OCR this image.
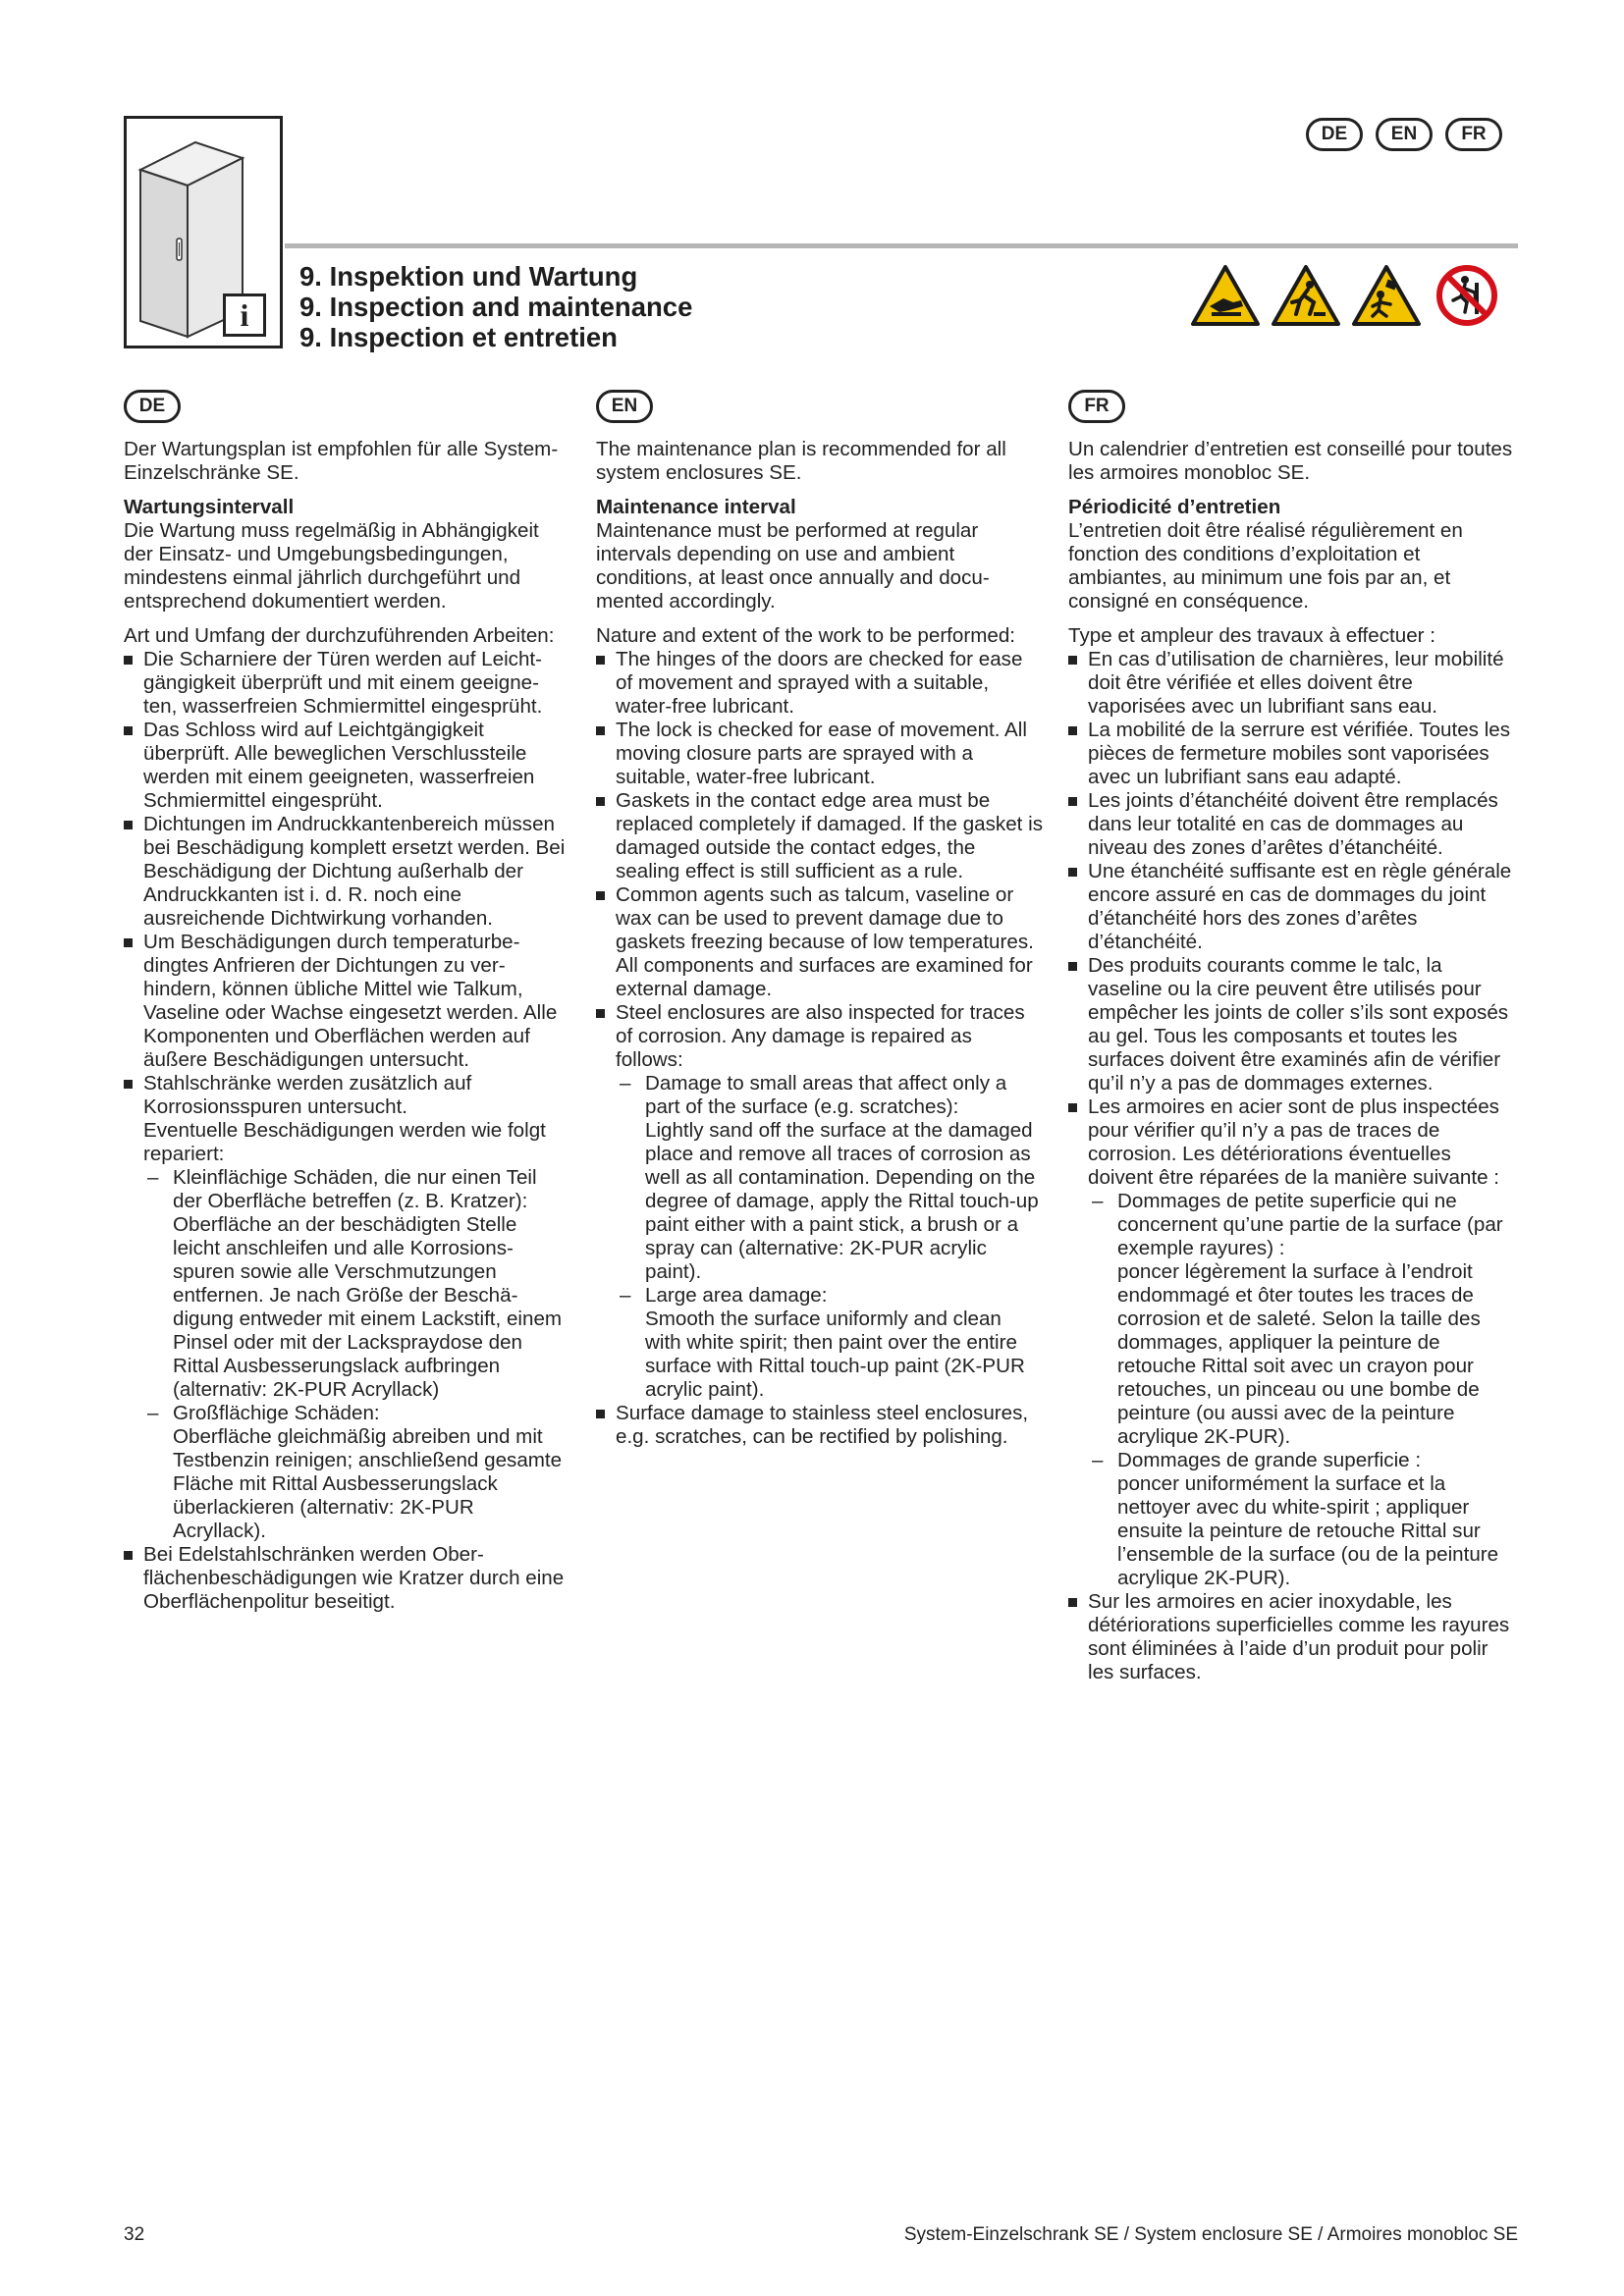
DE	EN	FR
i
9. Inspektion und Wartung
9. Inspection and maintenance
9. Inspection et entretien
DE	EN	FR

Der Wartungsplan ist empfohlen für alle System-Einzelschränke SE.

Wartungsintervall

Die Wartung muss regelmäßig in Abhängigkeit der Einsatz- und Umgebungsbedingungen, mindestens einmal jährlich durchgeführt und entsprechend dokumentiert werden.

Art und Umfang der durchzuführenden Arbeiten:

Die Scharniere der Türen werden auf Leichtgängigkeit überprüft und mit einem geeigneten, wasserfreien Schmiermittel eingesprüht.
Das Schloss wird auf Leichtgängigkeit überprüft. Alle beweglichen Verschlussteile werden mit einem geeigneten, wasserfreien Schmiermittel eingesprüht.
Dichtungen im Andruckkantenbereich müssen bei Beschädigung komplett ersetzt werden. Bei Beschädigung der Dichtung außerhalb der Andruckkanten ist i. d. R. noch eine ausreichende Dichtwirkung vorhanden.
Um Beschädigungen durch temperaturbedingtes Anfrieren der Dichtungen zu verhindern, können übliche Mittel wie Talkum, Vaseline oder Wachse eingesetzt werden. Alle Komponenten und Oberflächen werden auf äußere Beschädigungen untersucht.
Stahlschränke werden zusätzlich auf Korrosionsspuren untersucht.

Eventuelle Beschädigungen werden wie folgt repariert:

– Kleinflächige Schäden, die nur einen Teil der Oberfläche betreffen (z. B. Kratzer):

Oberfläche an der beschädigten Stelle leicht anschleifen und alle Korrosionsspuren sowie alle Verschmutzungen entfernen. Je nach Größe der Beschädigung entweder mit einem Lackstift, einem Pinsel oder mit der Lackspraydose den Rittal Ausbesserungslack aufbringen (alternativ: 2K-PUR Acryllack)

– Großflächige Schäden:

Oberfläche gleichmäßig abreiben und mit Testbenzin reinigen; anschließend gesamte Fläche mit Rittal Ausbesserungslack überlackieren (alternativ: 2K-PUR Acryllack).

Bei Edelstahlschränken werden Oberflächenbeschädigungen wie Kratzer durch eine Oberflächenpolitur beseitigt.

The maintenance plan is recommended for all system enclosures SE.

Maintenance interval

Maintenance must be performed at regular intervals depending on use and ambient conditions, at least once annually and documented accordingly.

Nature and extent of the work to be performed:

The hinges of the doors are checked for ease of movement and sprayed with a suitable, water-free lubricant.
The lock is checked for ease of movement. All moving closure parts are sprayed with a suitable, water-free lubricant.
Gaskets in the contact edge area must be replaced completely if damaged. If the gasket is damaged outside the contact edges, the sealing effect is still sufficient as a rule.
Common agents such as talcum, vaseline or wax can be used to prevent damage due to gaskets freezing because of low temperatures. All components and surfaces are examined for external damage.
Steel enclosures are also inspected for traces of corrosion. Any damage is repaired as follows:

– Damage to small areas that affect only a part of the surface (e.g. scratches):

Lightly sand off the surface at the damaged place and remove all traces of corrosion as well as all contamination. Depending on the degree of damage, apply the Rittal touch-up paint either with a paint stick, a brush or a spray can (alternative: 2K-PUR acrylic paint).

– Large area damage:

Smooth the surface uniformly and clean with white spirit; then paint over the entire surface with Rittal touch-up paint (2K-PUR acrylic paint).

Surface damage to stainless steel enclosures, e.g. scratches, can be rectified by polishing.

Un calendrier d’entretien est conseillé pour toutes les armoires monobloc SE.

Périodicité d’entretien

L’entretien doit être réalisé régulièrement en fonction des conditions d’exploitation et ambiantes, au minimum une fois par an, et consigné en conséquence.

Type et ampleur des travaux à effectuer :

En cas d’utilisation de charnières, leur mobilité doit être vérifiée et elles doivent être vaporisées avec un lubrifiant sans eau.
La mobilité de la serrure est vérifiée. Toutes les pièces de fermeture mobiles sont vaporisées avec un lubrifiant sans eau adapté.
Les joints d’étanchéité doivent être remplacés dans leur totalité en cas de dommages au niveau des zones d’arêtes d’étanchéité.
Une étanchéité suffisante est en règle générale encore assuré en cas de dommages du joint d’étanchéité hors des zones d’arêtes d’étanchéité.
Des produits courants comme le talc, la vaseline ou la cire peuvent être utilisés pour empêcher les joints de coller s’ils sont exposés au gel. Tous les composants et toutes les surfaces doivent être examinés afin de vérifier qu’il n’y a pas de dommages externes.
Les armoires en acier sont de plus inspectées pour vérifier qu’il n’y a pas de traces de corrosion. Les détériorations éventuelles doivent être réparées de la manière suivante :

– Dommages de petite superficie qui ne concernent qu’une partie de la surface (par exemple rayures) :

poncer légèrement la surface à l’endroit endommagé et ôter toutes les traces de corrosion et de saleté. Selon la taille des dommages, appliquer la peinture de retouche Rittal soit avec un crayon pour retouches, un pinceau ou une bombe de peinture (ou aussi avec de la peinture acrylique 2K-PUR).

– Dommages de grande superficie :

poncer uniformément la surface et la nettoyer avec du white-spirit ; appliquer ensuite la peinture de retouche Rittal sur l’ensemble de la surface (ou de la peinture acrylique 2K-PUR).

Sur les armoires en acier inoxydable, les détériorations superficielles comme les rayures sont éliminées à l’aide d’un produit pour polir les surfaces.
32	System-Einzelschrank SE / System enclosure SE / Armoires monobloc SE
